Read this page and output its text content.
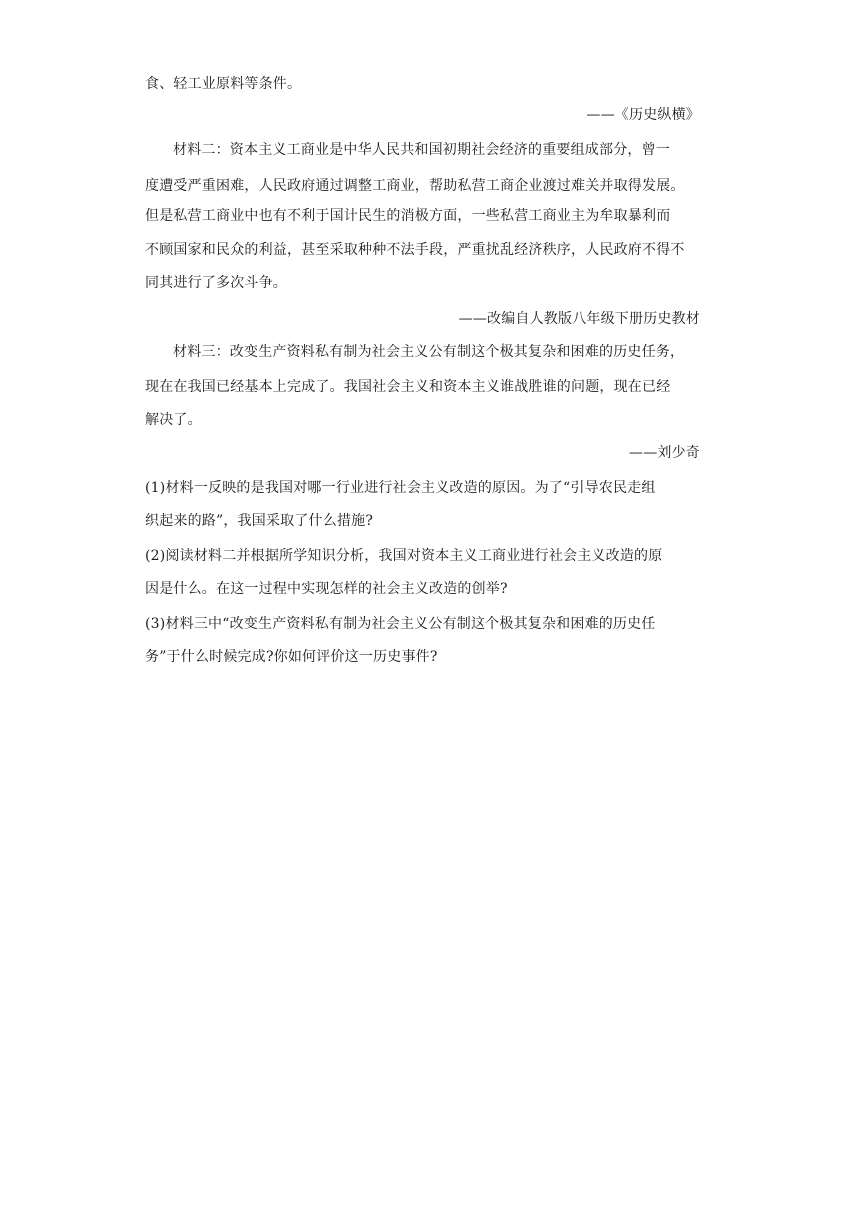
食、轻工业原料等条件。
——《历史纵横》
材料二：资本主义工商业是中华人民共和国初期社会经济的重要组成部分，曾一
度遭受严重困难，人民政府通过调整工商业，帮助私营工商企业渡过难关并取得发展。
但是私营工商业中也有不利于国计民生的消极方面，一些私营工商业主为牟取暴利而
不顾国家和民众的利益，甚至采取种种不法手段，严重扰乱经济秩序，人民政府不得不
同其进行了多次斗争。
——改编自人教版八年级下册历史教材
材料三：改变生产资料私有制为社会主义公有制这个极其复杂和困难的历史任务，
现在在我国已经基本上完成了。我国社会主义和资本主义谁战胜谁的问题，现在已经
解决了。
——刘少奇
(1)材料一反映的是我国对哪一行业进行社会主义改造的原因。为了“引导农民走组
织起来的路”，我国采取了什么措施?
(2)阅读材料二并根据所学知识分析，我国对资本主义工商业进行社会主义改造的原
因是什么。在这一过程中实现怎样的社会主义改造的创举?
(3)材料三中“改变生产资料私有制为社会主义公有制这个极其复杂和困难的历史任
务”于什么时候完成?你如何评价这一历史事件?
